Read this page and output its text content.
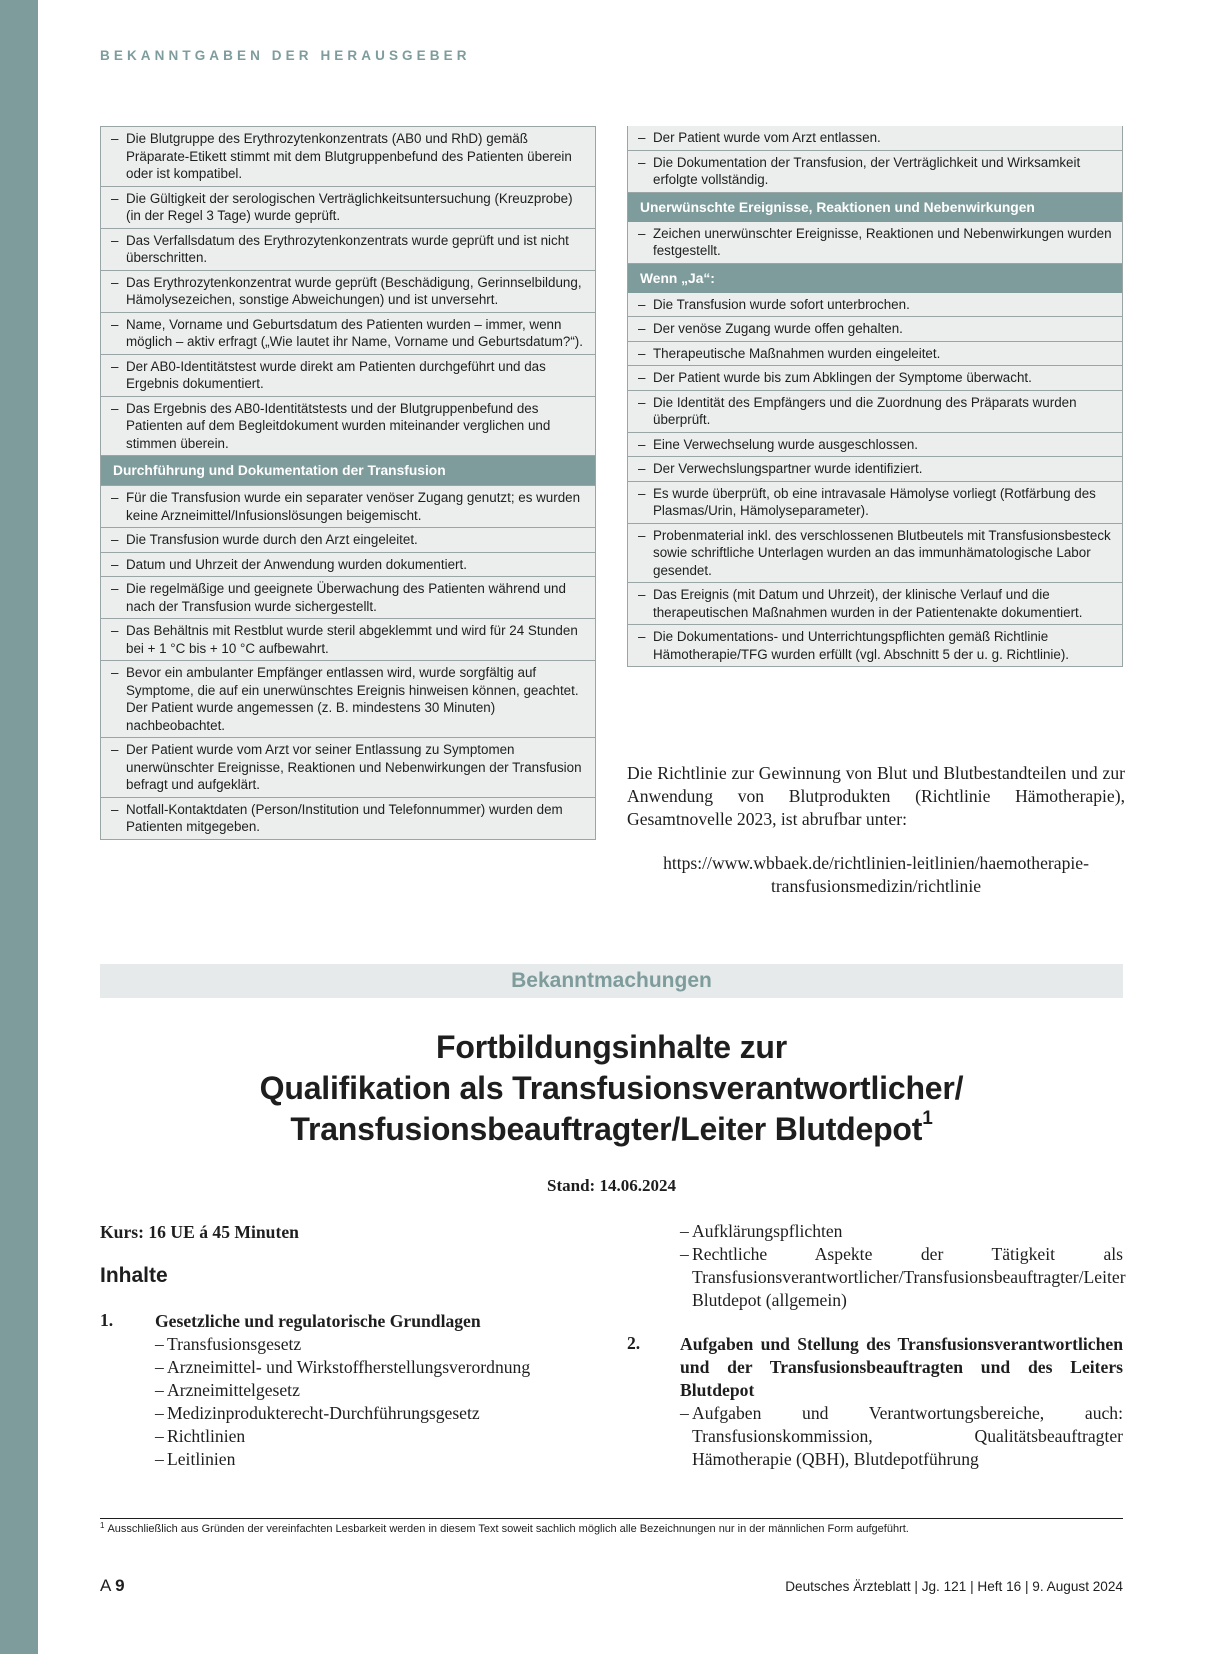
BEKANNTGABEN DER HERAUSGEBER
– Die Blutgruppe des Erythrozytenkonzentrats (AB0 und RhD) gemäß Präparate-Etikett stimmt mit dem Blutgruppenbefund des Patienten überein oder ist kompatibel.
– Die Gültigkeit der serologischen Verträglichkeitsuntersuchung (Kreuzprobe) (in der Regel 3 Tage) wurde geprüft.
– Das Verfallsdatum des Erythrozytenkonzentrats wurde geprüft und ist nicht überschritten.
– Das Erythrozytenkonzentrat wurde geprüft (Beschädigung, Gerinnselbildung, Hämolysezeichen, sonstige Abweichungen) und ist unversehrt.
– Name, Vorname und Geburtsdatum des Patienten wurden – immer, wenn möglich – aktiv erfragt („Wie lautet ihr Name, Vorname und Geburtsdatum?“).
– Der AB0-Identitätstest wurde direkt am Patienten durchgeführt und das Ergebnis dokumentiert.
– Das Ergebnis des AB0-Identitätstests und der Blutgruppenbefund des Patienten auf dem Begleitdokument wurden miteinander verglichen und stimmen überein.
Durchführung und Dokumentation der Transfusion
– Für die Transfusion wurde ein separater venöser Zugang genutzt; es wurden keine Arzneimittel/Infusionslösungen beigemischt.
– Die Transfusion wurde durch den Arzt eingeleitet.
– Datum und Uhrzeit der Anwendung wurden dokumentiert.
– Die regelmäßige und geeignete Überwachung des Patienten während und nach der Transfusion wurde sichergestellt.
– Das Behältnis mit Restblut wurde steril abgeklemmt und wird für 24 Stunden bei + 1 °C bis + 10 °C aufbewahrt.
– Bevor ein ambulanter Empfänger entlassen wird, wurde sorgfältig auf Symptome, die auf ein unerwünschtes Ereignis hinweisen können, geachtet. Der Patient wurde angemessen (z. B. mindestens 30 Minuten) nachbeobachtet.
– Der Patient wurde vom Arzt vor seiner Entlassung zu Symptomen unerwünschter Ereignisse, Reaktionen und Nebenwirkungen der Transfusion befragt und aufgeklärt.
– Notfall-Kontaktdaten (Person/Institution und Telefonnummer) wurden dem Patienten mitgegeben.
– Der Patient wurde vom Arzt entlassen.
– Die Dokumentation der Transfusion, der Verträglichkeit und Wirksamkeit erfolgte vollständig.
Unerwünschte Ereignisse, Reaktionen und Nebenwirkungen
– Zeichen unerwünschter Ereignisse, Reaktionen und Nebenwirkungen wurden festgestellt.
Wenn „Ja“:
– Die Transfusion wurde sofort unterbrochen.
– Der venöse Zugang wurde offen gehalten.
– Therapeutische Maßnahmen wurden eingeleitet.
– Der Patient wurde bis zum Abklingen der Symptome überwacht.
– Die Identität des Empfängers und die Zuordnung des Präparats wurden überprüft.
– Eine Verwechselung wurde ausgeschlossen.
– Der Verwechslungspartner wurde identifiziert.
– Es wurde überprüft, ob eine intravasale Hämolyse vorliegt (Rotfärbung des Plasmas/Urin, Hämolyseparameter).
– Probenmaterial inkl. des verschlossenen Blutbeutels mit Transfusionsbesteck sowie schriftliche Unterlagen wurden an das immunhämatologische Labor gesendet.
– Das Ereignis (mit Datum und Uhrzeit), der klinische Verlauf und die therapeutischen Maßnahmen wurden in der Patientenakte dokumentiert.
– Die Dokumentations- und Unterrichtungspflichten gemäß Richtlinie Hämotherapie/TFG wurden erfüllt (vgl. Abschnitt 5 der u. g. Richtlinie).
Die Richtlinie zur Gewinnung von Blut und Blutbestandteilen und zur Anwendung von Blutprodukten (Richtlinie Hämotherapie), Gesamtnovelle 2023, ist abrufbar unter:
https://www.wbbaek.de/richtlinien-leitlinien/haemotherapie-
transfusionsmedizin/richtlinie
Bekanntmachungen
Fortbildungsinhalte zur
Qualifikation als Transfusionsverantwortlicher/
Transfusionsbeauftragter/Leiter Blutdepot$^1$
Stand: 14.06.2024
Kurs: 16 UE á 45 Minuten
Inhalte
1. Gesetzliche und regulatorische Grundlagen
– Transfusionsgesetz
– Arzneimittel- und Wirkstoffherstellungsverordnung
– Arzneimittelgesetz
– Medizinprodukterecht-Durchführungsgesetz
– Richtlinien
– Leitlinien
– Aufklärungspflichten
– Rechtliche Aspekte der Tätigkeit als Transfusionsverantwortlicher/Transfusionsbeauftragter/Leiter Blutdepot (allgemein)
2. Aufgaben und Stellung des Transfusionsverantwortlichen und der Transfusionsbeauftragten und des Leiters Blutdepot
– Aufgaben und Verantwortungsbereiche, auch: Transfusionskommission, Qualitätsbeauftragter Hämotherapie (QBH), Blutdepotführung
$^1$ Ausschließlich aus Gründen der vereinfachten Lesbarkeit werden in diesem Text soweit sachlich möglich alle Bezeichnungen nur in der männlichen Form aufgeführt.
A 9	Deutsches Ärzteblatt | Jg. 121 | Heft 16 | 9. August 2024
